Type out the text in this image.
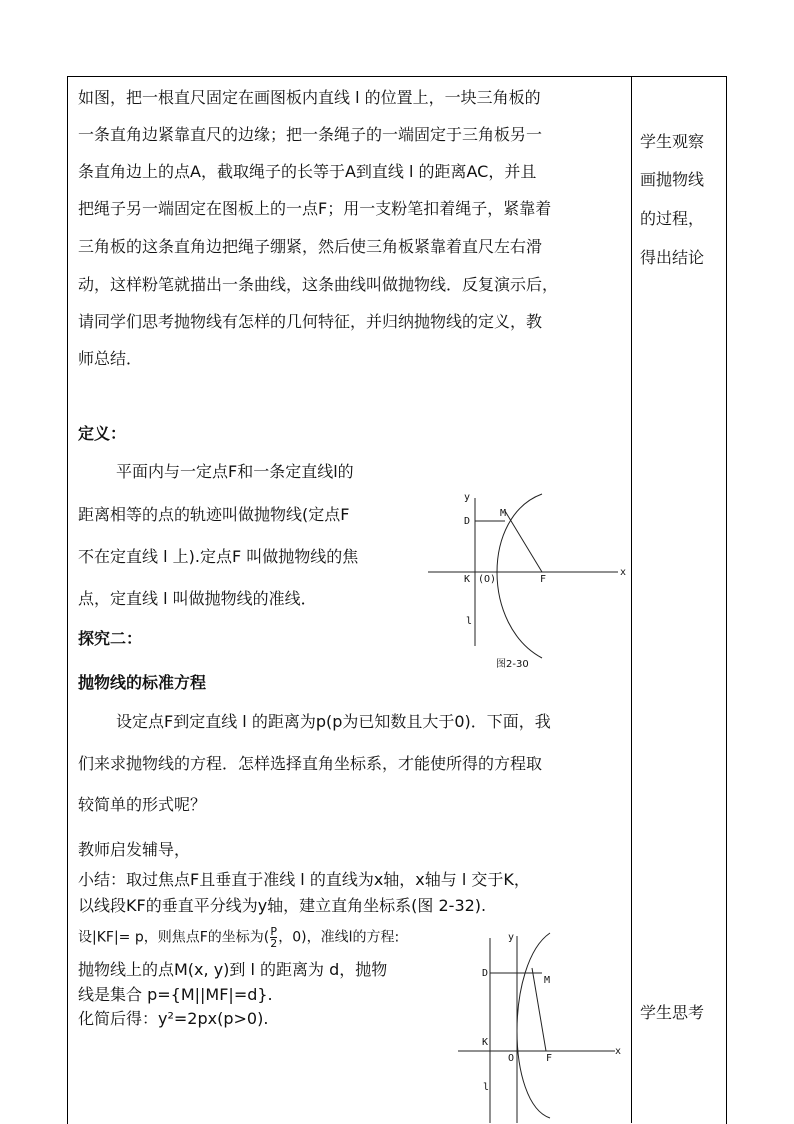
如图，把一根直尺固定在画图板内直线 l 的位置上，一块三角板的
一条直角边紧靠直尺的边缘；把一条绳子的一端固定于三角板另一
条直角边上的点A，截取绳子的长等于A到直线 l 的距离AC，并且
把绳子另一端固定在图板上的一点F；用一支粉笔扣着绳子，紧靠着
三角板的这条直角边把绳子绷紧，然后使三角板紧靠着直尺左右滑
动，这样粉笔就描出一条曲线，这条曲线叫做抛物线．反复演示后，
请同学们思考抛物线有怎样的几何特征，并归纳抛物线的定义，教
师总结．
学生观察
画抛物线
的过程，
得出结论
定义：
平面内与一定点F和一条定直线l的
距离相等的点的轨迹叫做抛物线(定点F
不在定直线 l 上).定点F 叫做抛物线的焦
点，定直线 l 叫做抛物线的准线．
探究二：
抛物线的标准方程
y
x
D
M
K (O)	F
l
图2-30
设定点F到定直线 l 的距离为p(p为已知数且大于0)．下面，我
们来求抛物线的方程．怎样选择直角坐标系，才能使所得的方程取
较简单的形式呢？
教师启发辅导，
小结：取过焦点F且垂直于准线 l 的直线为x轴，x轴与 l 交于K，
以线段KF的垂直平分线为y轴，建立直角坐标系(图 2-32).
设|KF|= p，则焦点F的坐标为( $\frac{P}{2}$ ，0)，准线l的方程:
抛物线上的点M(x, y)到 l 的距离为 d，抛物
线是集合 p={M||MF|=d}.
化简后得：y²=2px(p>0).	学生思考
y
x
D
M
K
O	F
l
